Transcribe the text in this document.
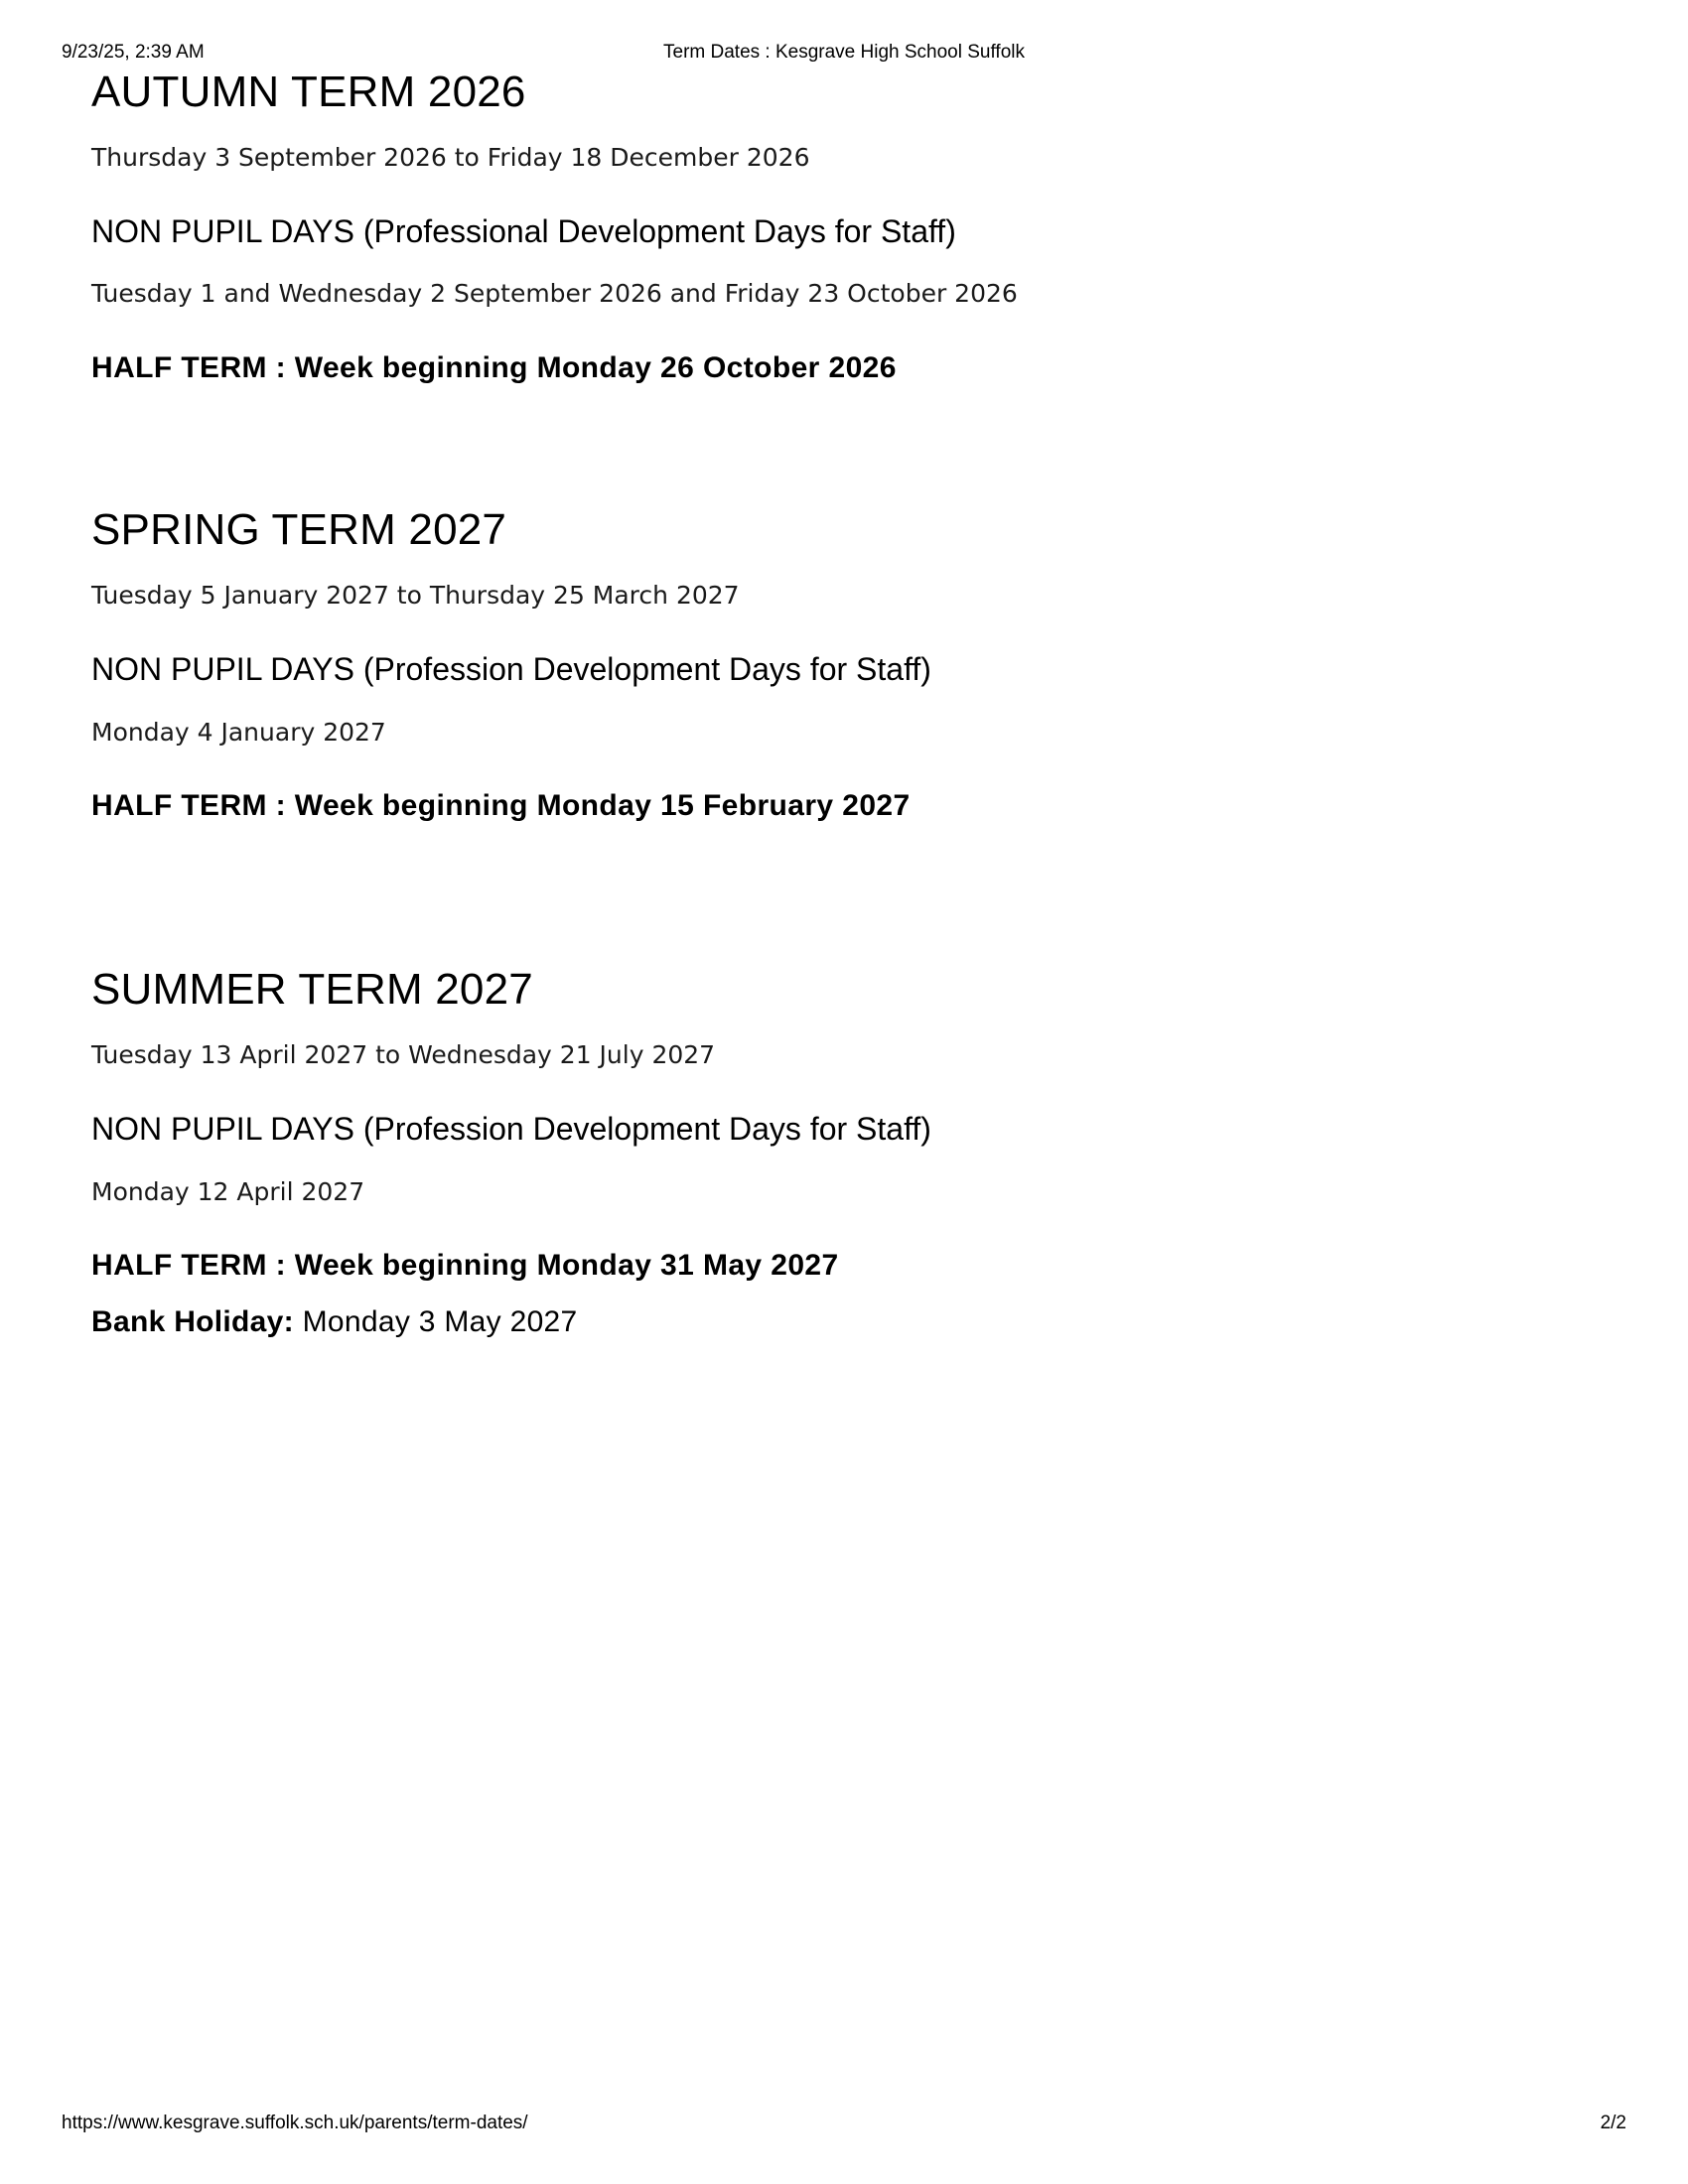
9/23/25, 2:39 AM	Term Dates : Kesgrave High School Suffolk
AUTUMN TERM 2026

Thursday 3 September 2026 to Friday 18 December 2026

NON PUPIL DAYS (Professional Development Days for Staff)

Tuesday 1 and Wednesday 2 September 2026 and Friday 23 October 2026

HALF TERM : Week beginning Monday 26 October 2026

SPRING TERM 2027

Tuesday 5 January 2027 to Thursday 25 March 2027

NON PUPIL DAYS (Profession Development Days for Staff)

Monday 4 January 2027

HALF TERM : Week beginning Monday 15 February 2027

SUMMER TERM 2027

Tuesday 13 April 2027 to Wednesday 21 July 2027

NON PUPIL DAYS (Profession Development Days for Staff)

Monday 12 April 2027

HALF TERM : Week beginning Monday 31 May 2027

Bank Holiday: Monday 3 May 2027

https://www.kesgrave.suffolk.sch.uk/parents/term-dates/	2/2
